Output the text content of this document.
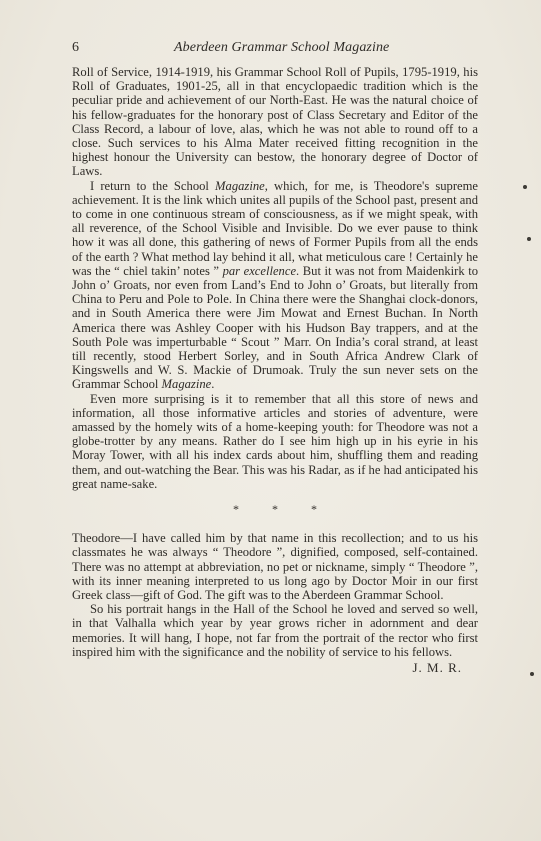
6	Aberdeen Grammar School Magazine

Roll of Service, 1914-1919, his Grammar School Roll of Pupils, 1795-1919, his Roll of Graduates, 1901-25, all in that encyclopaedic tradition which is the peculiar pride and achievement of our North-East. He was the natural choice of his fellow-graduates for the honorary post of Class Secretary and Editor of the Class Record, a labour of love, alas, which he was not able to round off to a close. Such services to his Alma Mater received fitting recognition in the highest honour the University can bestow, the honorary degree of Doctor of Laws.

I return to the School Magazine, which, for me, is Theodore's supreme achievement. It is the link which unites all pupils of the School past, present and to come in one continuous stream of consciousness, as if we might speak, with all reverence, of the School Visible and Invisible. Do we ever pause to think how it was all done, this gathering of news of Former Pupils from all the ends of the earth ? What method lay behind it all, what meticulous care ! Certainly he was the “ chiel takin’ notes ” par excellence. But it was not from Maidenkirk to John o’ Groats, nor even from Land’s End to John o’ Groats, but literally from China to Peru and Pole to Pole. In China there were the Shanghai clock-donors, and in South America there were Jim Mowat and Ernest Buchan. In North America there was Ashley Cooper with his Hudson Bay trappers, and at the South Pole was imperturbable “ Scout ” Marr. On India’s coral strand, at least till recently, stood Herbert Sorley, and in South Africa Andrew Clark of Kingswells and W. S. Mackie of Drumoak. Truly the sun never sets on the Grammar School Magazine.

Even more surprising is it to remember that all this store of news and information, all those informative articles and stories of adventure, were amassed by the homely wits of a home-keeping youth: for Theodore was not a globe-trotter by any means. Rather do I see him high up in his eyrie in his Moray Tower, with all his index cards about him, shuffling them and reading them, and out-watching the Bear. This was his Radar, as if he had anticipated his great name-sake.

* * *

Theodore—I have called him by that name in this recollection; and to us his classmates he was always “ Theodore ”, dignified, composed, self-contained. There was no attempt at abbreviation, no pet or nickname, simply “ Theodore ”, with its inner meaning interpreted to us long ago by Doctor Moir in our first Greek class—gift of God. The gift was to the Aberdeen Grammar School.

So his portrait hangs in the Hall of the School he loved and served so well, in that Valhalla which year by year grows richer in adornment and dear memories. It will hang, I hope, not far from the portrait of the rector who first inspired him with the significance and the nobility of service to his fellows.

J. M. R.
